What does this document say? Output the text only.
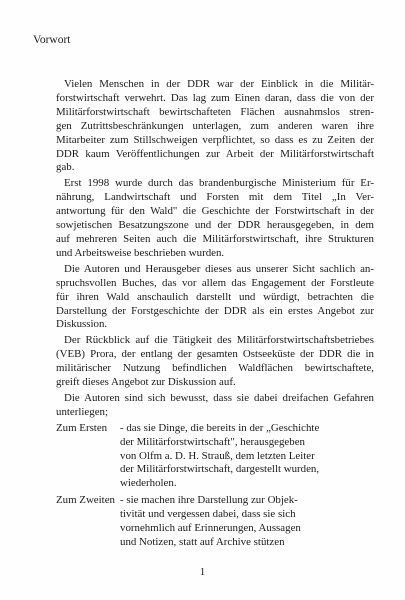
Vorwort
Vielen Menschen in der DDR war der Einblick in die Militär-
forstwirtschaft verwehrt. Das lag zum Einen daran, dass die von der
Militärforstwirtschaft bewirtschafteten Flächen ausnahmslos stren-
gen Zutrittsbeschränkungen unterlagen, zum anderen waren ihre
Mitarbeiter zum Stillschweigen verpflichtet, so dass es zu Zeiten der
DDR kaum Veröffentlichungen zur Arbeit der Militärforstwirtschaft
gab.
Erst 1998 wurde durch das brandenburgische Ministerium für Er-
nährung, Landwirtschaft und Forsten mit dem Titel „In Ver-
antwortung für den Wald" die Geschichte der Forstwirtschaft in der
sowjetischen Besatzungszone und der DDR herausgegeben, in dem
auf mehreren Seiten auch die Militärforstwirtschaft, ihre Strukturen
und Arbeitsweise beschrieben wurden.
Die Autoren und Herausgeber dieses aus unserer Sicht sachlich an-
spruchsvollen Buches, das vor allem das Engagement der Forstleute
für ihren Wald anschaulich darstellt und würdigt, betrachten die
Darstellung der Forstgeschichte der DDR als ein erstes Angebot zur
Diskussion.
Der Rückblick auf die Tätigkeit des Militärforstwirtschaftsbetriebes
(VEB) Prora, der entlang der gesamten Ostseeküste der DDR die in
militärischer Nutzung befindlichen Waldflächen bewirtschaftete,
greift dieses Angebot zur Diskussion auf.
Die Autoren sind sich bewusst, dass sie dabei dreifachen Gefahren
unterliegen;
Zum Ersten	- das sie Dinge, die bereits in der „Geschichte
der Militärforstwirtschaft", herausgegeben
von Olfm a. D. H. Strauß, dem letzten Leiter
der Militärforstwirtschaft, dargestellt wurden,
wiederholen.
Zum Zweiten - sie machen ihre Darstellung zur Objek-
tivität und vergessen dabei, dass sie sich
vornehmlich auf Erinnerungen, Aussagen
und Notizen, statt auf Archive stützen
1
